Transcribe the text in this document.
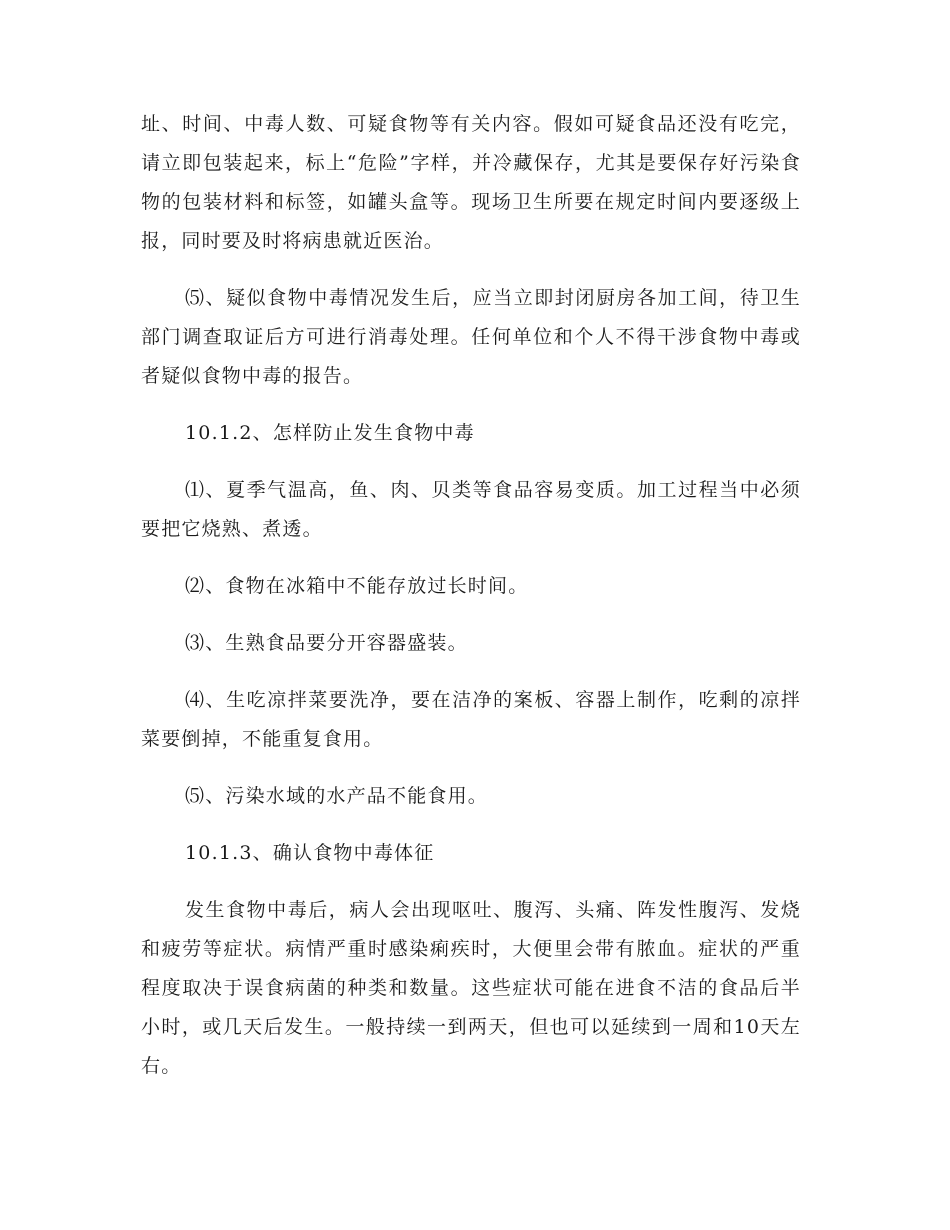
址、时间、中毒人数、可疑食物等有关内容。假如可疑食品还没有吃完，请立即包装起来，标上“危险”字样，并冷藏保存，尤其是要保存好污染食物的包装材料和标签，如罐头盒等。现场卫生所要在规定时间内要逐级上报，同时要及时将病患就近医治。

⑸、疑似食物中毒情况发生后，应当立即封闭厨房各加工间，待卫生部门调查取证后方可进行消毒处理。任何单位和个人不得干涉食物中毒或者疑似食物中毒的报告。

10.1.2、怎样防止发生食物中毒

⑴、夏季气温高，鱼、肉、贝类等食品容易变质。加工过程当中必须要把它烧熟、煮透。

⑵、食物在冰箱中不能存放过长时间。

⑶、生熟食品要分开容器盛装。

⑷、生吃凉拌菜要洗净，要在洁净的案板、容器上制作，吃剩的凉拌菜要倒掉，不能重复食用。

⑸、污染水域的水产品不能食用。

10.1.3、确认食物中毒体征

发生食物中毒后，病人会出现呕吐、腹泻、头痛、阵发性腹泻、发烧和疲劳等症状。病情严重时感染痢疾时，大便里会带有脓血。症状的严重程度取决于误食病菌的种类和数量。这些症状可能在进食不洁的食品后半小时，或几天后发生。一般持续一到两天，但也可以延续到一周和10天左右。
